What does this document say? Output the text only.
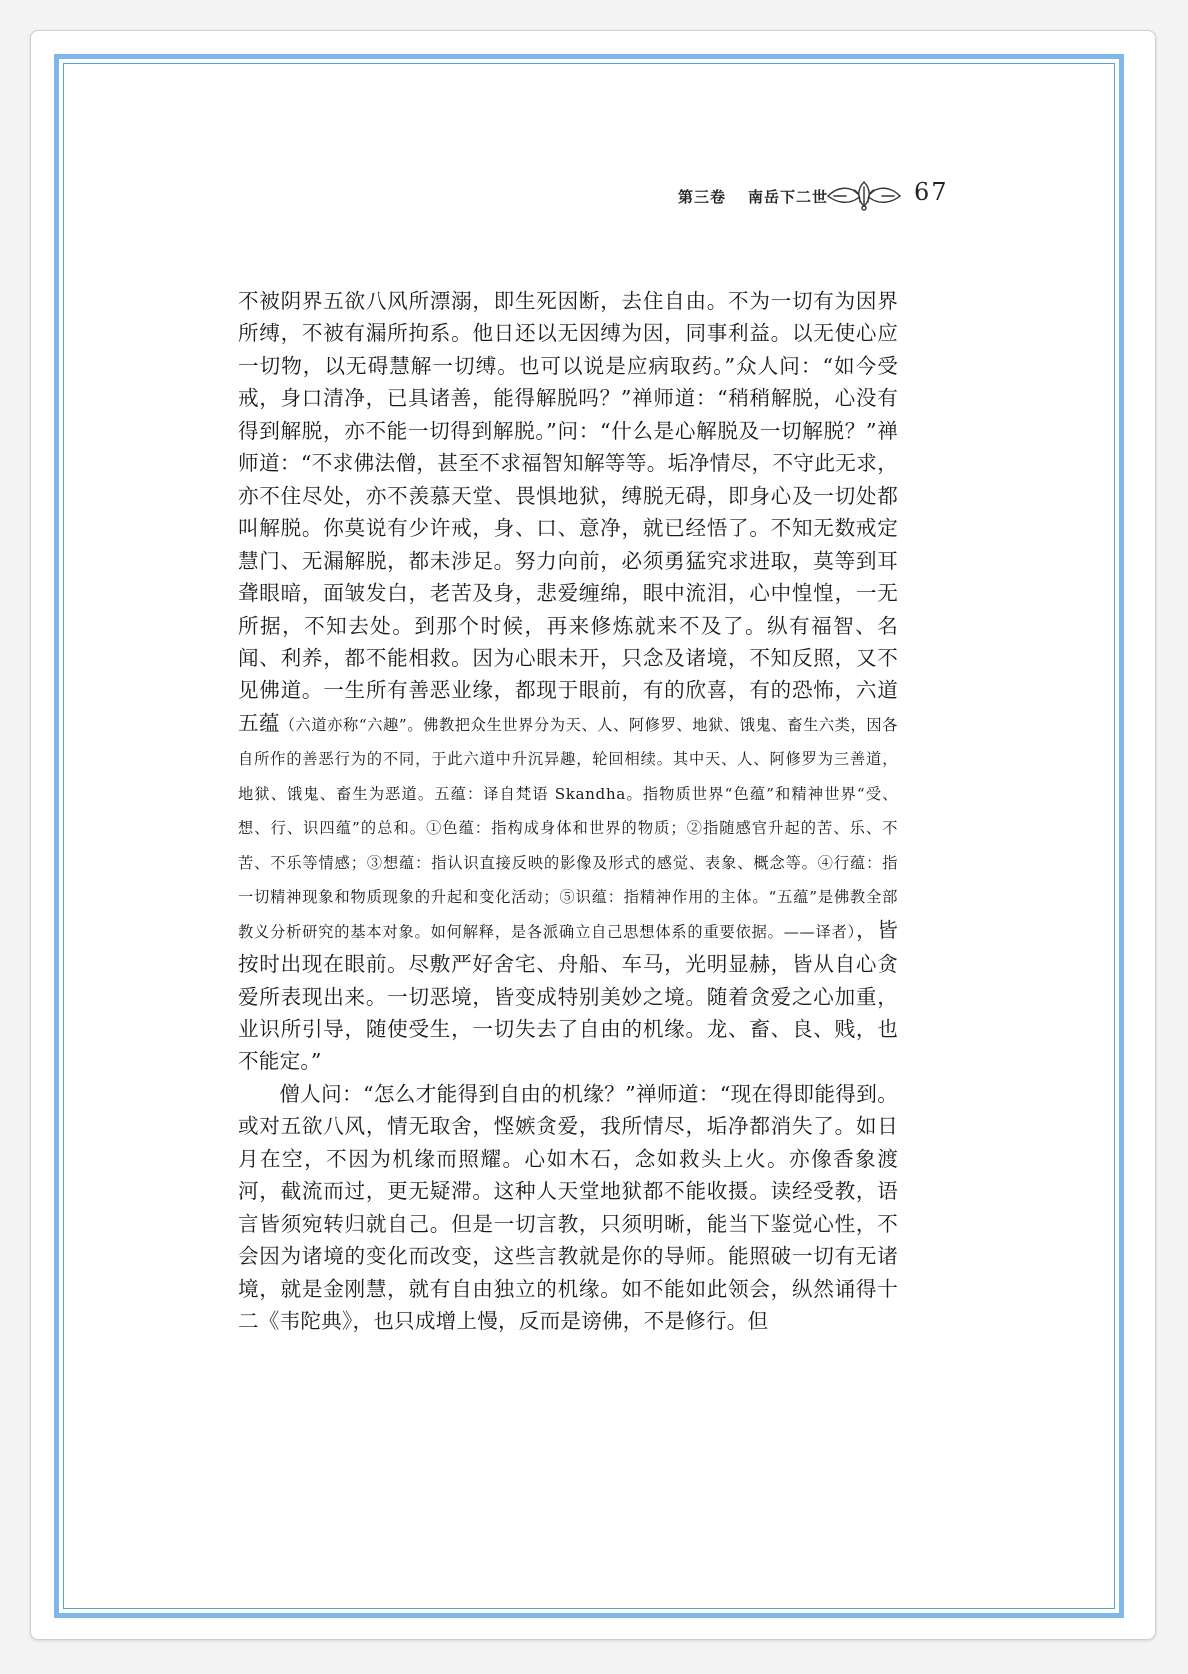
第三卷 南岳下二世	67

不被阴界五欲八风所漂溺，即生死因断，去住自由。不为一切有为因界所缚，不被有漏所拘系。他日还以无因缚为因，同事利益。以无使心应一切物，以无碍慧解一切缚。也可以说是应病取药。”众人问：“如今受戒，身口清净，已具诸善，能得解脱吗？”禅师道：“稍稍解脱，心没有得到解脱，亦不能一切得到解脱。”问：“什么是心解脱及一切解脱？”禅师道：“不求佛法僧，甚至不求福智知解等等。垢净情尽，不守此无求，亦不住尽处，亦不羡慕天堂、畏惧地狱，缚脱无碍，即身心及一切处都叫解脱。你莫说有少许戒，身、口、意净，就已经悟了。不知无数戒定慧门、无漏解脱，都未涉足。努力向前，必须勇猛究求进取，莫等到耳聋眼暗，面皱发白，老苦及身，悲爱缠绵，眼中流泪，心中惶惶，一无所据，不知去处。到那个时候，再来修炼就来不及了。纵有福智、名闻、利养，都不能相救。因为心眼未开，只念及诸境，不知反照，又不见佛道。一生所有善恶业缘，都现于眼前，有的欣喜，有的恐怖，六道五蕴（六道亦称“六趣”。佛教把众生世界分为天、人、阿修罗、地狱、饿鬼、畜生六类，因各自所作的善恶行为的不同，于此六道中升沉异趣，轮回相续。其中天、人、阿修罗为三善道，地狱、饿鬼、畜生为恶道。五蕴：译自梵语 Skandha。指物质世界“色蕴”和精神世界“受、想、行、识四蕴”的总和。①色蕴：指构成身体和世界的物质；②指随感官升起的苦、乐、不苦、不乐等情感；③想蕴：指认识直接反映的影像及形式的感觉、表象、概念等。④行蕴：指一切精神现象和物质现象的升起和变化活动；⑤识蕴：指精神作用的主体。“五蕴”是佛教全部教义分析研究的基本对象。如何解释，是各派确立自己思想体系的重要依据。——译者），皆按时出现在眼前。尽敷严好舍宅、舟船、车马，光明显赫，皆从自心贪爱所表现出来。一切恶境，皆变成特别美妙之境。随着贪爱之心加重，业识所引导，随使受生，一切失去了自由的机缘。龙、畜、良、贱，也不能定。”

僧人问：“怎么才能得到自由的机缘？”禅师道：“现在得即能得到。或对五欲八风，情无取舍，悭嫉贪爱，我所情尽，垢净都消失了。如日月在空，不因为机缘而照耀。心如木石，念如救头上火。亦像香象渡河，截流而过，更无疑滞。这种人天堂地狱都不能收摄。读经受教，语言皆须宛转归就自己。但是一切言教，只须明晰，能当下鉴觉心性，不会因为诸境的变化而改变，这些言教就是你的导师。能照破一切有无诸境，就是金刚慧，就有自由独立的机缘。如不能如此领会，纵然诵得十二《韦陀典》，也只成增上慢，反而是谤佛，不是修行。但
